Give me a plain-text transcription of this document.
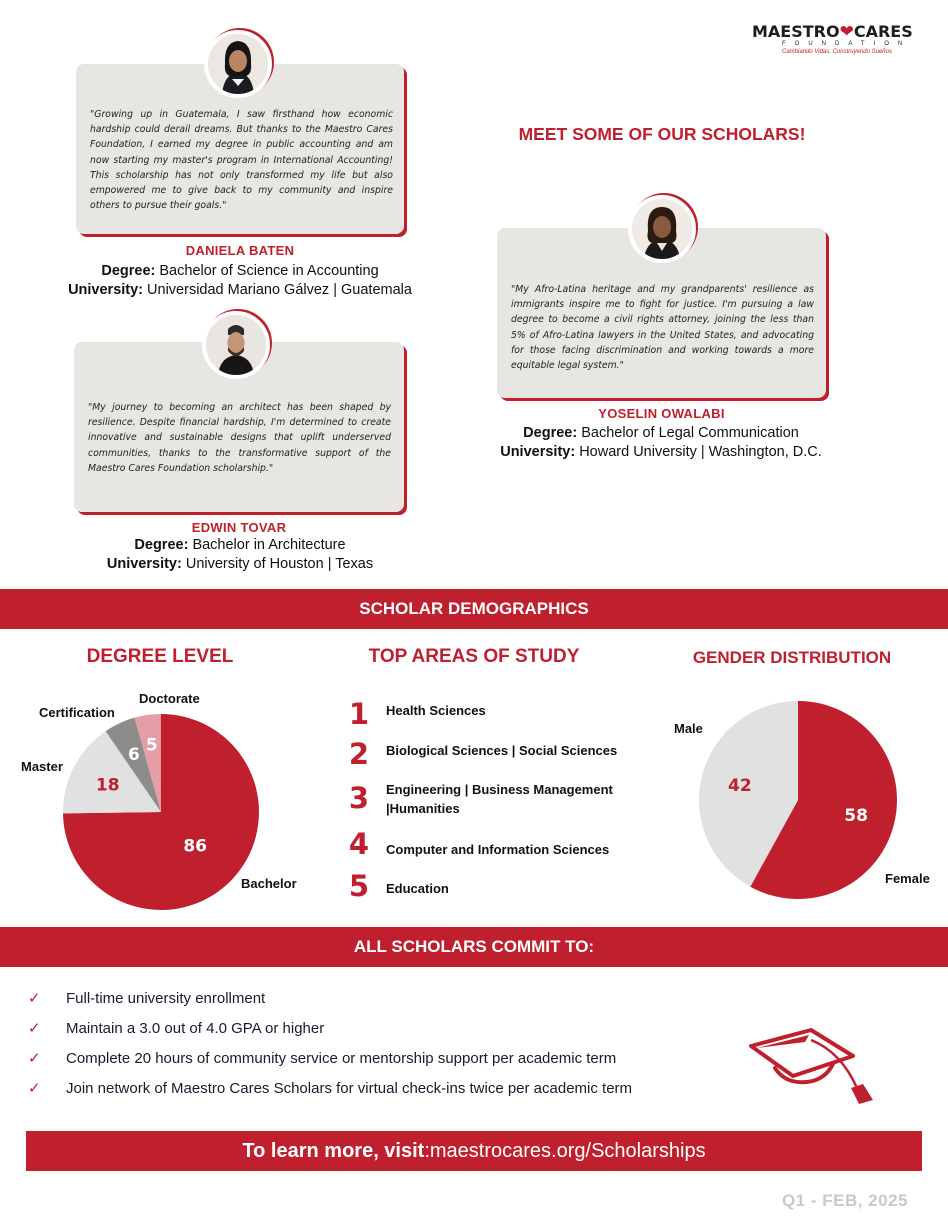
MAESTRO❤CARES
FOUNDATION
Cambiando Vidas, Construyendo Sueños
MEET SOME OF OUR SCHOLARS!
"Growing up in Guatemala, I saw firsthand how economic hardship could derail dreams. But thanks to the Maestro Cares Foundation, I earned my degree in public accounting and am now starting my master's program in International Accounting! This scholarship has not only transformed my life but also empowered me to give back to my community and inspire others to pursue their goals."
DANIELA BATEN
Degree: Bachelor of Science in Accounting
University: Universidad Mariano Gálvez | Guatemala
"My journey to becoming an architect has been shaped by resilience. Despite financial hardship, I'm determined to create innovative and sustainable designs that uplift underserved communities, thanks to the transformative support of the Maestro Cares Foundation scholarship."
EDWIN TOVAR
Degree: Bachelor in Architecture
University: University of Houston | Texas
"My Afro-Latina heritage and my grandparents' resilience as immigrants inspire me to fight for justice. I'm pursuing a law degree to become a civil rights attorney, joining the less than 5% of Afro-Latina lawyers in the United States, and advocating for those facing discrimination and working towards a more equitable legal system."
YOSELIN OWALABI
Degree: Bachelor of Legal Communication
University: Howard University | Washington, D.C.
SCHOLAR DEMOGRAPHICS
DEGREE LEVEL	TOP AREAS OF STUDY	GENDER DISTRIBUTION
86
18
6 5
Doctorate
Certification
Master
Bachelor
1 Health Sciences
2 Biological Sciences | Social Sciences
3 Engineering | Business Management |Humanities
4 Computer and Information Sciences
5 Education
58
42
Male
Female
ALL SCHOLARS COMMIT TO:
✓	Full-time university enrollment
✓	Maintain a 3.0 out of 4.0 GPA or higher
✓	Complete 20 hours of community service or mentorship support per academic term
✓	Join network of Maestro Cares Scholars for virtual check-ins twice per academic term
To learn more, visit : maestrocares.org/Scholarships
Q1 - FEB, 2025
